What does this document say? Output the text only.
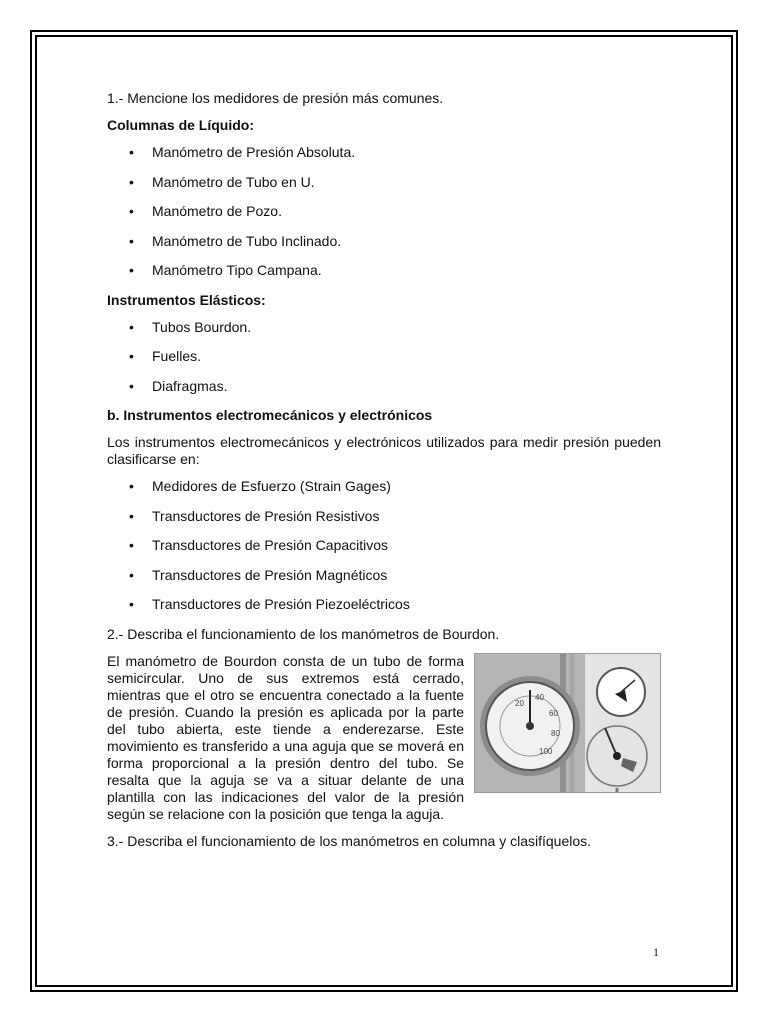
1.- Mencione los medidores de presión más comunes.

Columnas de Líquido:

• Manómetro de Presión Absoluta.
• Manómetro de Tubo en U.
• Manómetro de Pozo.
• Manómetro de Tubo Inclinado.
• Manómetro Tipo Campana.

Instrumentos Elásticos:

• Tubos Bourdon.
• Fuelles.
• Diafragmas.

b. Instrumentos electromecánicos y electrónicos

Los instrumentos electromecánicos y electrónicos utilizados para medir presión pueden clasificarse en:

• Medidores de Esfuerzo (Strain Gages)
• Transductores de Presión Resistivos
• Transductores de Presión Capacitivos
• Transductores de Presión Magnéticos
• Transductores de Presión Piezoeléctricos

2.- Describa el funcionamiento de los manómetros de Bourdon.

20
40
60
80
100

El manómetro de Bourdon consta de un tubo de forma semicircular. Uno de sus extremos está cerrado, mientras que el otro se encuentra conectado a la fuente de presión. Cuando la presión es aplicada por la parte del tubo abierta, este tiende a enderezarse. Este movimiento es transferido a una aguja que se moverá en forma proporcional a la presión dentro del tubo. Se resalta que la aguja se va a situar delante de una plantilla con las indicaciones del valor de la presión según se relacione con la posición que tenga la aguja.

3.- Describa el funcionamiento de los manómetros en columna y clasifíquelos.

1
